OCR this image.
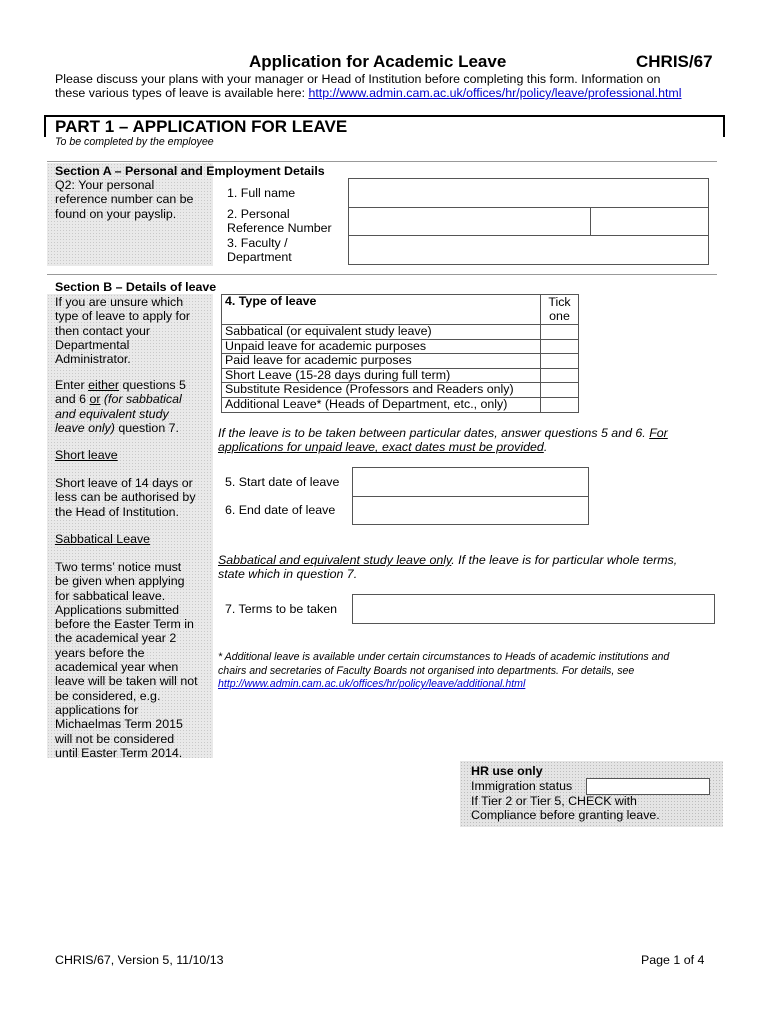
Application for Academic Leave	CHRIS/67
Please discuss your plans with your manager or Head of Institution before completing this form. Information on
these various types of leave is available here: http://www.admin.cam.ac.uk/offices/hr/policy/leave/professional.html
PART 1 – APPLICATION FOR LEAVE
To be completed by the employee
Section A – Personal and Employment Details
Q2: Your personal
reference number can be
found on your payslip.
1. Full name
2. Personal
Reference Number
3. Faculty /
Department
Section B – Details of leave
If you are unsure which
type of leave to apply for
then contact your
Departmental
Administrator.
Enter either questions 5
and 6 or (for sabbatical
and equivalent study
leave only) question 7.
Short leave
Short leave of 14 days or
less can be authorised by
the Head of Institution.
Sabbatical Leave
Two terms’ notice must
be given when applying
for sabbatical leave.
Applications submitted
before the Easter Term in
the academical year 2
years before the
academical year when
leave will be taken will not
be considered, e.g.
applications for
Michaelmas Term 2015
will not be considered
until Easter Term 2014.
4. Type of leave	Tick
one

Sabbatical (or equivalent study leave)	
Unpaid leave for academic purposes	
Paid leave for academic purposes	
Short Leave (15-28 days during full term)	
Substitute Residence (Professors and Readers only)	
Additional Leave* (Heads of Department, etc., only)	
If the leave is to be taken between particular dates, answer questions 5 and 6. For
applications for unpaid leave, exact dates must be provided.
5. Start date of leave
6. End date of leave
Sabbatical and equivalent study leave only. If the leave is for particular whole terms,
state which in question 7.
7. Terms to be taken
* Additional leave is available under certain circumstances to Heads of academic institutions and
chairs and secretaries of Faculty Boards not organised into departments. For details, see
http://www.admin.cam.ac.uk/offices/hr/policy/leave/additional.html
HR use only
Immigration status
If Tier 2 or Tier 5, CHECK with
Compliance before granting leave.
CHRIS/67, Version 5, 11/10/13	Page 1 of 4
